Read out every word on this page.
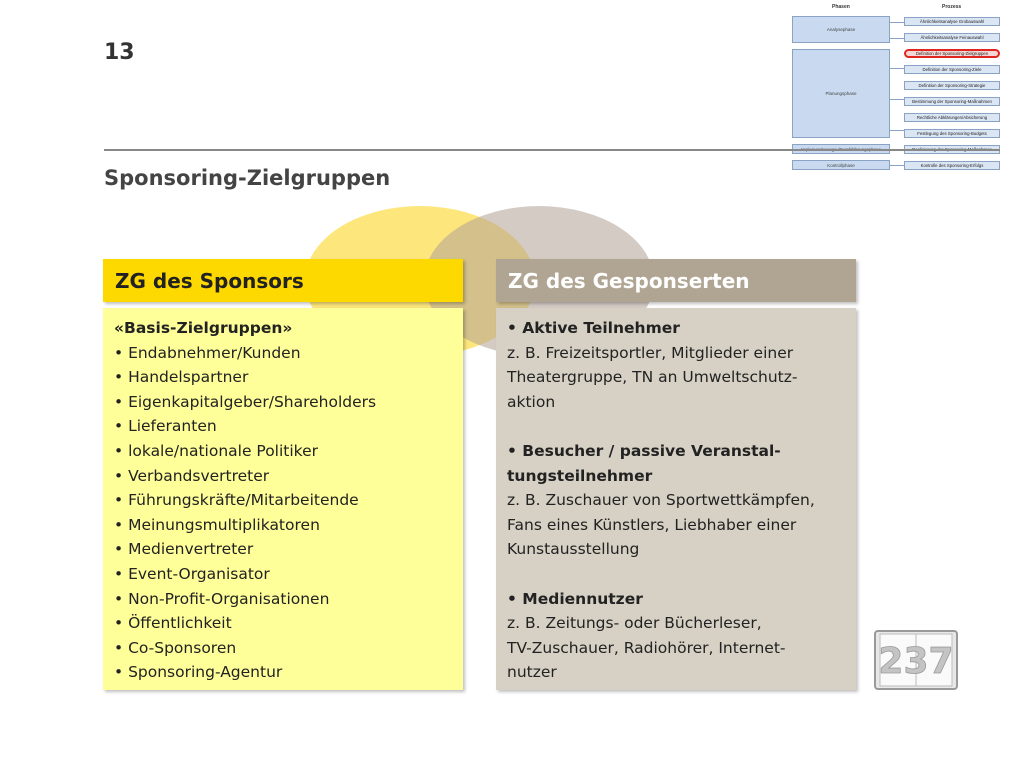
13
Phasen	Prozess
Analysephase
Planungsphase
Kontrollphase
Ähnlichkeitsanalyse Grobauswahl
Ähnlichkeitsanalyse Feinauswahl
Definition der Sponsoring-Zielgruppen
Definition der Sponsoring-Ziele
Definition der Sponsoring-Strategie
Bestimmung der Sponsoring-Maßnahmen
Rechtliche Abklärungen/Absicherung
Festlegung des Sponsoring-Budgets
Kontrolle des Sponsoring-Erfolgs
Sponsoring-Zielgruppen
ZG des Sponsors
«Basis-Zielgruppen»
• Endabnehmer/Kunden
• Handelspartner
• Eigenkapitalgeber/Shareholders
• Lieferanten
• lokale/nationale Politiker
• Verbandsvertreter
• Führungskräfte/Mitarbeitende
• Meinungsmultiplikatoren
• Medienvertreter
• Event-Organisator
• Non-Profit-Organisationen
• Öffentlichkeit
• Co-Sponsoren
• Sponsoring-Agentur
ZG des Gesponserten
• Aktive Teilnehmer
z. B. Freizeitsportler, Mitglieder einer
Theatergruppe, TN an Umweltschutz-
aktion

• Besucher / passive Veranstal-
tungsteilnehmer
z. B. Zuschauer von Sportwettkämpfen,
Fans eines Künstlers, Liebhaber einer
Kunstausstellung

• Mediennutzer
z. B. Zeitungs- oder Bücherleser,
TV-Zuschauer, Radiohörer, Internet-
nutzer	237
